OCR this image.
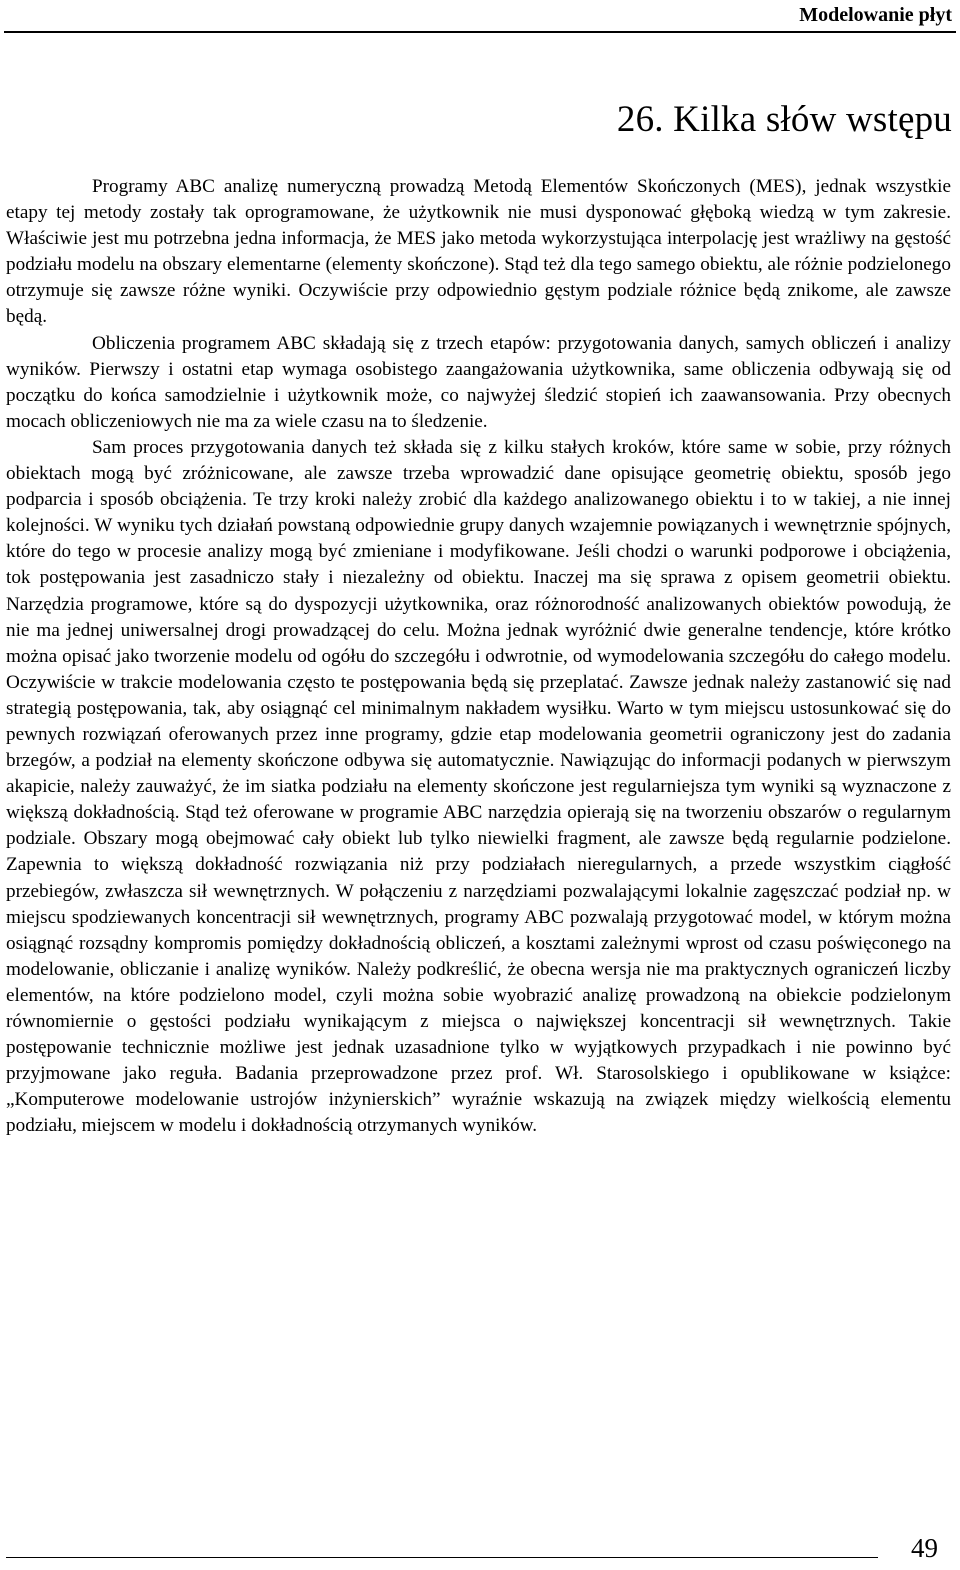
Modelowanie płyt
26. Kilka słów wstępu

Programy ABC analizę numeryczną prowadzą Metodą Elementów Skończonych (MES), jednak wszystkie etapy tej metody zostały tak oprogramowane, że użytkownik nie musi dysponować głęboką wiedzą w tym zakresie. Właściwie jest mu potrzebna jedna informacja, że MES jako metoda wykorzystująca interpolację jest wrażliwy na gęstość podziału modelu na obszary elementarne (elementy skończone). Stąd też dla tego samego obiektu, ale różnie podzielonego otrzymuje się zawsze różne wyniki. Oczywiście przy odpowiednio gęstym podziale różnice będą znikome, ale zawsze będą.

Obliczenia programem ABC składają się z trzech etapów: przygotowania danych, samych obliczeń i analizy wyników. Pierwszy i ostatni etap wymaga osobistego zaangażowania użytkownika, same obliczenia odbywają się od początku do końca samodzielnie i użytkownik może, co najwyżej śledzić stopień ich zaawansowania. Przy obecnych mocach obliczeniowych nie ma za wiele czasu na to śledzenie.

Sam proces przygotowania danych też składa się z kilku stałych kroków, które same w sobie, przy różnych obiektach mogą być zróżnicowane, ale zawsze trzeba wprowadzić dane opisujące geometrię obiektu, sposób jego podparcia i sposób obciążenia. Te trzy kroki należy zrobić dla każdego analizowanego obiektu i to w takiej, a nie innej kolejności. W wyniku tych działań powstaną odpowiednie grupy danych wzajemnie powiązanych i wewnętrznie spójnych, które do tego w procesie analizy mogą być zmieniane i modyfikowane. Jeśli chodzi o warunki podporowe i obciążenia, tok postępowania jest zasadniczo stały i niezależny od obiektu. Inaczej ma się sprawa z opisem geometrii obiektu. Narzędzia programowe, które są do dyspozycji użytkownika, oraz różnorodność analizowanych obiektów powodują, że nie ma jednej uniwersalnej drogi prowadzącej do celu. Można jednak wyróżnić dwie generalne tendencje, które krótko można opisać jako tworzenie modelu od ogółu do szczegółu i odwrotnie, od wymodelowania szczegółu do całego modelu. Oczywiście w trakcie modelowania często te postępowania będą się przeplatać. Zawsze jednak należy zastanowić się nad strategią postępowania, tak, aby osiągnąć cel minimalnym nakładem wysiłku. Warto w tym miejscu ustosunkować się do pewnych rozwiązań oferowanych przez inne programy, gdzie etap modelowania geometrii ograniczony jest do zadania brzegów, a podział na elementy skończone odbywa się automatycznie. Nawiązując do informacji podanych w pierwszym akapicie, należy zauważyć, że im siatka podziału na elementy skończone jest regularniejsza tym wyniki są wyznaczone z większą dokładnością. Stąd też oferowane w programie ABC narzędzia opierają się na tworzeniu obszarów o regularnym podziale. Obszary mogą obejmować cały obiekt lub tylko niewielki fragment, ale zawsze będą regularnie podzielone. Zapewnia to większą dokładność rozwiązania niż przy podziałach nieregularnych, a przede wszystkim ciągłość przebiegów, zwłaszcza sił wewnętrznych. W połączeniu z narzędziami pozwalającymi lokalnie zagęszczać podział np. w miejscu spodziewanych koncentracji sił wewnętrznych, programy ABC pozwalają przygotować model, w którym można osiągnąć rozsądny kompromis pomiędzy dokładnością obliczeń, a kosztami zależnymi wprost od czasu poświęconego na modelowanie, obliczanie i analizę wyników. Należy podkreślić, że obecna wersja nie ma praktycznych ograniczeń liczby elementów, na które podzielono model, czyli można sobie wyobrazić analizę prowadzoną na obiekcie podzielonym równomiernie o gęstości podziału wynikającym z miejsca o największej koncentracji sił wewnętrznych. Takie postępowanie technicznie możliwe jest jednak uzasadnione tylko w wyjątkowych przypadkach i nie powinno być przyjmowane jako reguła. Badania przeprowadzone przez prof. Wł. Starosolskiego i opublikowane w książce: „Komputerowe modelowanie ustrojów inżynierskich” wyraźnie wskazują na związek między wielkością elementu podziału, miejscem w modelu i dokładnością otrzymanych wyników.

49
